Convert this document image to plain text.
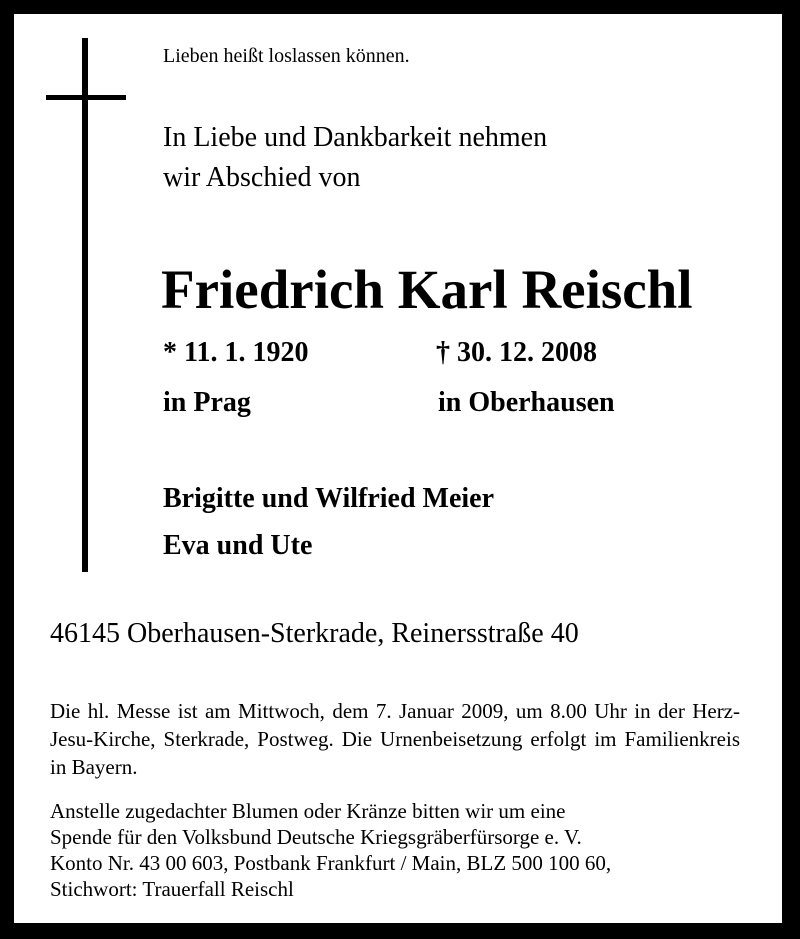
Lieben heißt loslassen können.
In Liebe und Dankbarkeit nehmen
wir Abschied von
Friedrich Karl Reischl
* 11. 1. 1920	† 30. 12. 2008
in Prag	in Oberhausen
Brigitte und Wilfried Meier
Eva und Ute
46145 Oberhausen-Sterkrade, Reinersstraße 40
Die hl. Messe ist am Mittwoch, dem 7. Januar 2009, um 8.00 Uhr in der Herz-Jesu-Kirche, Sterkrade, Postweg. Die Urnenbeisetzung erfolgt im Familienkreis in Bayern.
Anstelle zugedachter Blumen oder Kränze bitten wir um eine
Spende für den Volksbund Deutsche Kriegsgräberfürsorge e. V.
Konto Nr. 43 00 603, Postbank Frankfurt / Main, BLZ 500 100 60,
Stichwort: Trauerfall Reischl
